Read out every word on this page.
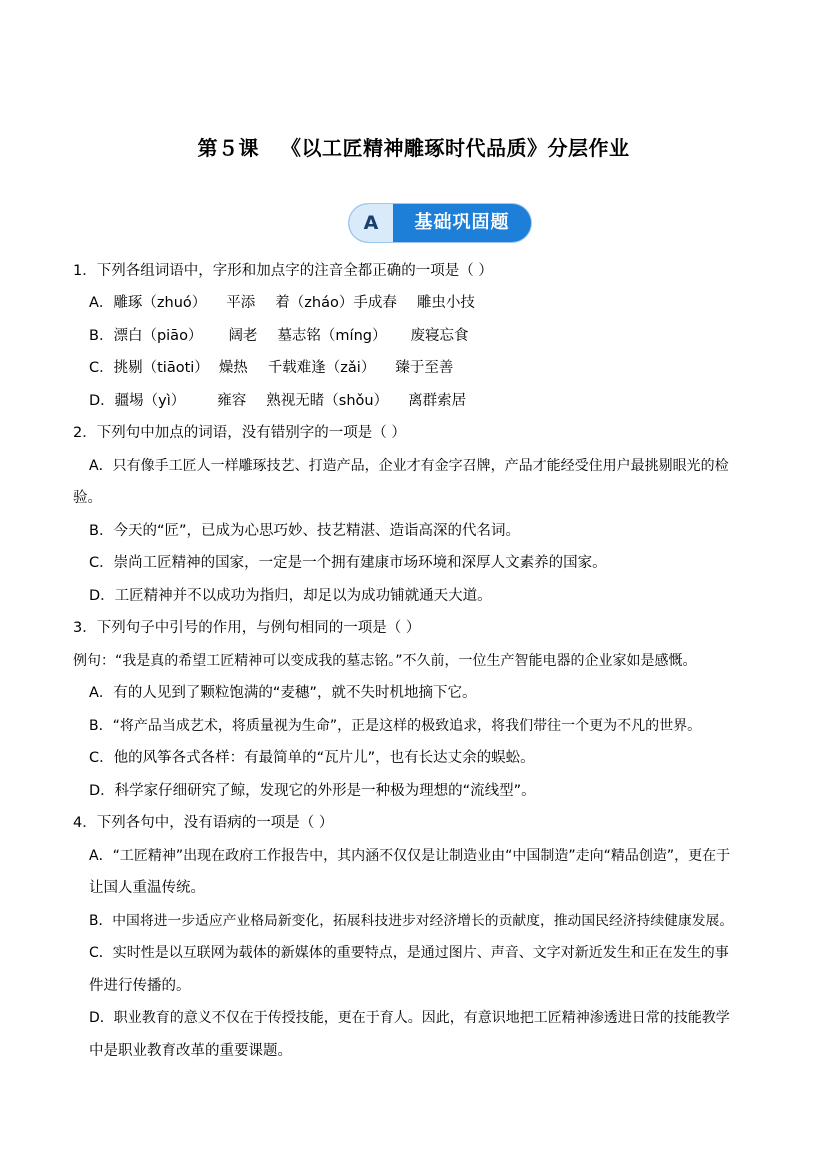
第５课 《以工匠精神雕琢时代品质》分层作业
A	基础巩固题
1．下列各组词语中，字形和加点字的注音全都正确的一项是（ ）
A．雕琢（zhuó） 平添 着（zháo）手成春 雕虫小技
B．漂白（piāo） 阔老 墓志铭（míng） 废寝忘食
C．挑剔（tiāoti） 燥热 千载难逢（zǎi） 臻于至善
D．疆埸（yì） 雍容 熟视无睹（shǒu） 离群索居
2．下列句中加点的词语，没有错别字的一项是（ ）
A．只有像手工匠人一样雕琢技艺、打造产品，企业才有金字召牌，产品才能经受住用户最挑剔眼光的检
验。
B．今天的“匠”，已成为心思巧妙、技艺精湛、造诣高深的代名词。
C．崇尚工匠精神的国家，一定是一个拥有建康市场环境和深厚人文素养的国家。
D．工匠精神并不以成功为指归，却足以为成功铺就通天大道。
3．下列句子中引号的作用，与例句相同的一项是（ ）
例句：“我是真的希望工匠精神可以变成我的墓志铭。”不久前，一位生产智能电器的企业家如是感慨。
A．有的人见到了颗粒饱满的“麦穗”，就不失时机地摘下它。
B．“将产品当成艺术，将质量视为生命”，正是这样的极致追求，将我们带往一个更为不凡的世界。
C．他的风筝各式各样：有最简单的“瓦片儿”，也有长达丈余的蜈蚣。
D．科学家仔细研究了鲸，发现它的外形是一种极为理想的“流线型”。
4．下列各句中，没有语病的一项是（ ）
A．“工匠精神”出现在政府工作报告中，其内涵不仅仅是让制造业由“中国制造”走向“精品创造”，更在于
让国人重温传统。
B．中国将进一步适应产业格局新变化，拓展科技进步对经济增长的贡献度，推动国民经济持续健康发展。
C．实时性是以互联网为载体的新媒体的重要特点，是通过图片、声音、文字对新近发生和正在发生的事
件进行传播的。
D．职业教育的意义不仅在于传授技能，更在于育人。因此，有意识地把工匠精神渗透进日常的技能教学
中是职业教育改革的重要课题。
